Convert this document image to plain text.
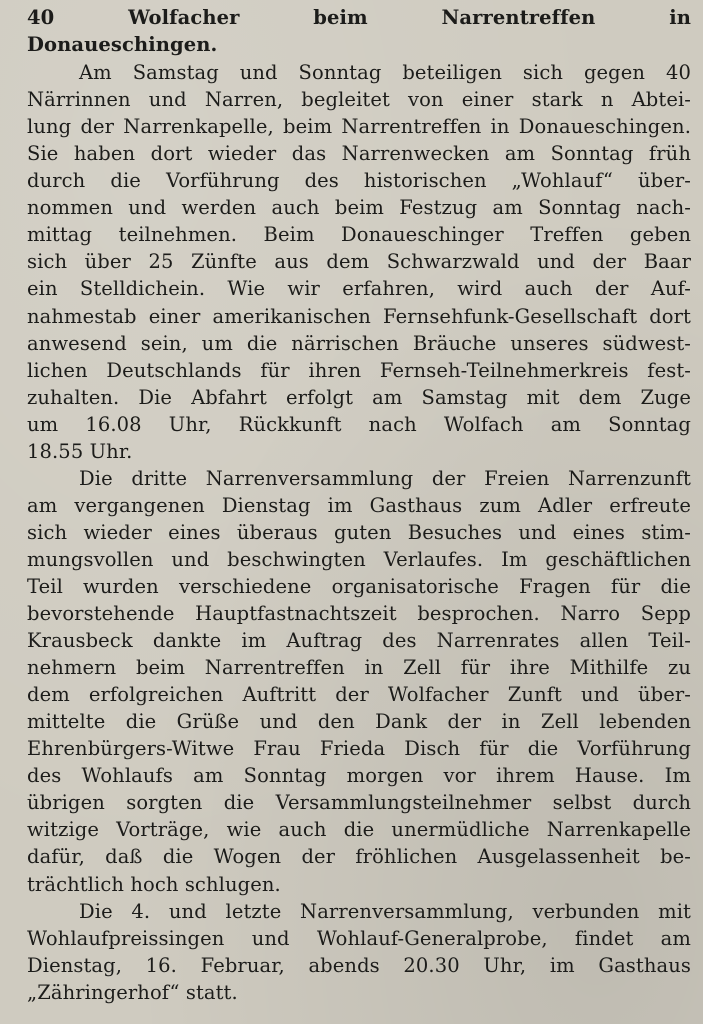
40 Wolfacher beim Narrentreffen in
Donaueschingen.

Am Samstag und Sonntag beteiligen sich gegen 40
Närrinnen und Narren, begleitet von einer stark n Abtei-
lung der Narrenkapelle, beim Narrentreffen in Donaueschingen.
Sie haben dort wieder das Narrenwecken am Sonntag früh
durch die Vorführung des historischen „Wohlauf“ über-
nommen und werden auch beim Festzug am Sonntag nach-
mittag teilnehmen. Beim Donaueschinger Treffen geben
sich über 25 Zünfte aus dem Schwarzwald und der Baar
ein Stelldichein. Wie wir erfahren, wird auch der Auf-
nahmestab einer amerikanischen Fernsehfunk-Gesellschaft dort
anwesend sein, um die närrischen Bräuche unseres südwest-
lichen Deutschlands für ihren Fernseh-Teilnehmerkreis fest-
zuhalten. Die Abfahrt erfolgt am Samstag mit dem Zuge
um 16.08 Uhr, Rückkunft nach Wolfach am Sonntag
18.55 Uhr.

Die dritte Narrenversammlung der Freien Narrenzunft
am vergangenen Dienstag im Gasthaus zum Adler erfreute
sich wieder eines überaus guten Besuches und eines stim-
mungsvollen und beschwingten Verlaufes. Im geschäftlichen
Teil wurden verschiedene organisatorische Fragen für die
bevorstehende Hauptfastnachtszeit besprochen. Narro Sepp
Krausbeck dankte im Auftrag des Narrenrates allen Teil-
nehmern beim Narrentreffen in Zell für ihre Mithilfe zu
dem erfolgreichen Auftritt der Wolfacher Zunft und über-
mittelte die Grüße und den Dank der in Zell lebenden
Ehrenbürgers-Witwe Frau Frieda Disch für die Vorführung
des Wohlaufs am Sonntag morgen vor ihrem Hause. Im
übrigen sorgten die Versammlungsteilnehmer selbst durch
witzige Vorträge, wie auch die unermüdliche Narrenkapelle
dafür, daß die Wogen der fröhlichen Ausgelassenheit be-
trächtlich hoch schlugen.

Die 4. und letzte Narrenversammlung, verbunden mit
Wohlaufpreissingen und Wohlauf-Generalprobe, findet am
Dienstag, 16. Februar, abends 20.30 Uhr, im Gasthaus
„Zähringerhof“ statt.
